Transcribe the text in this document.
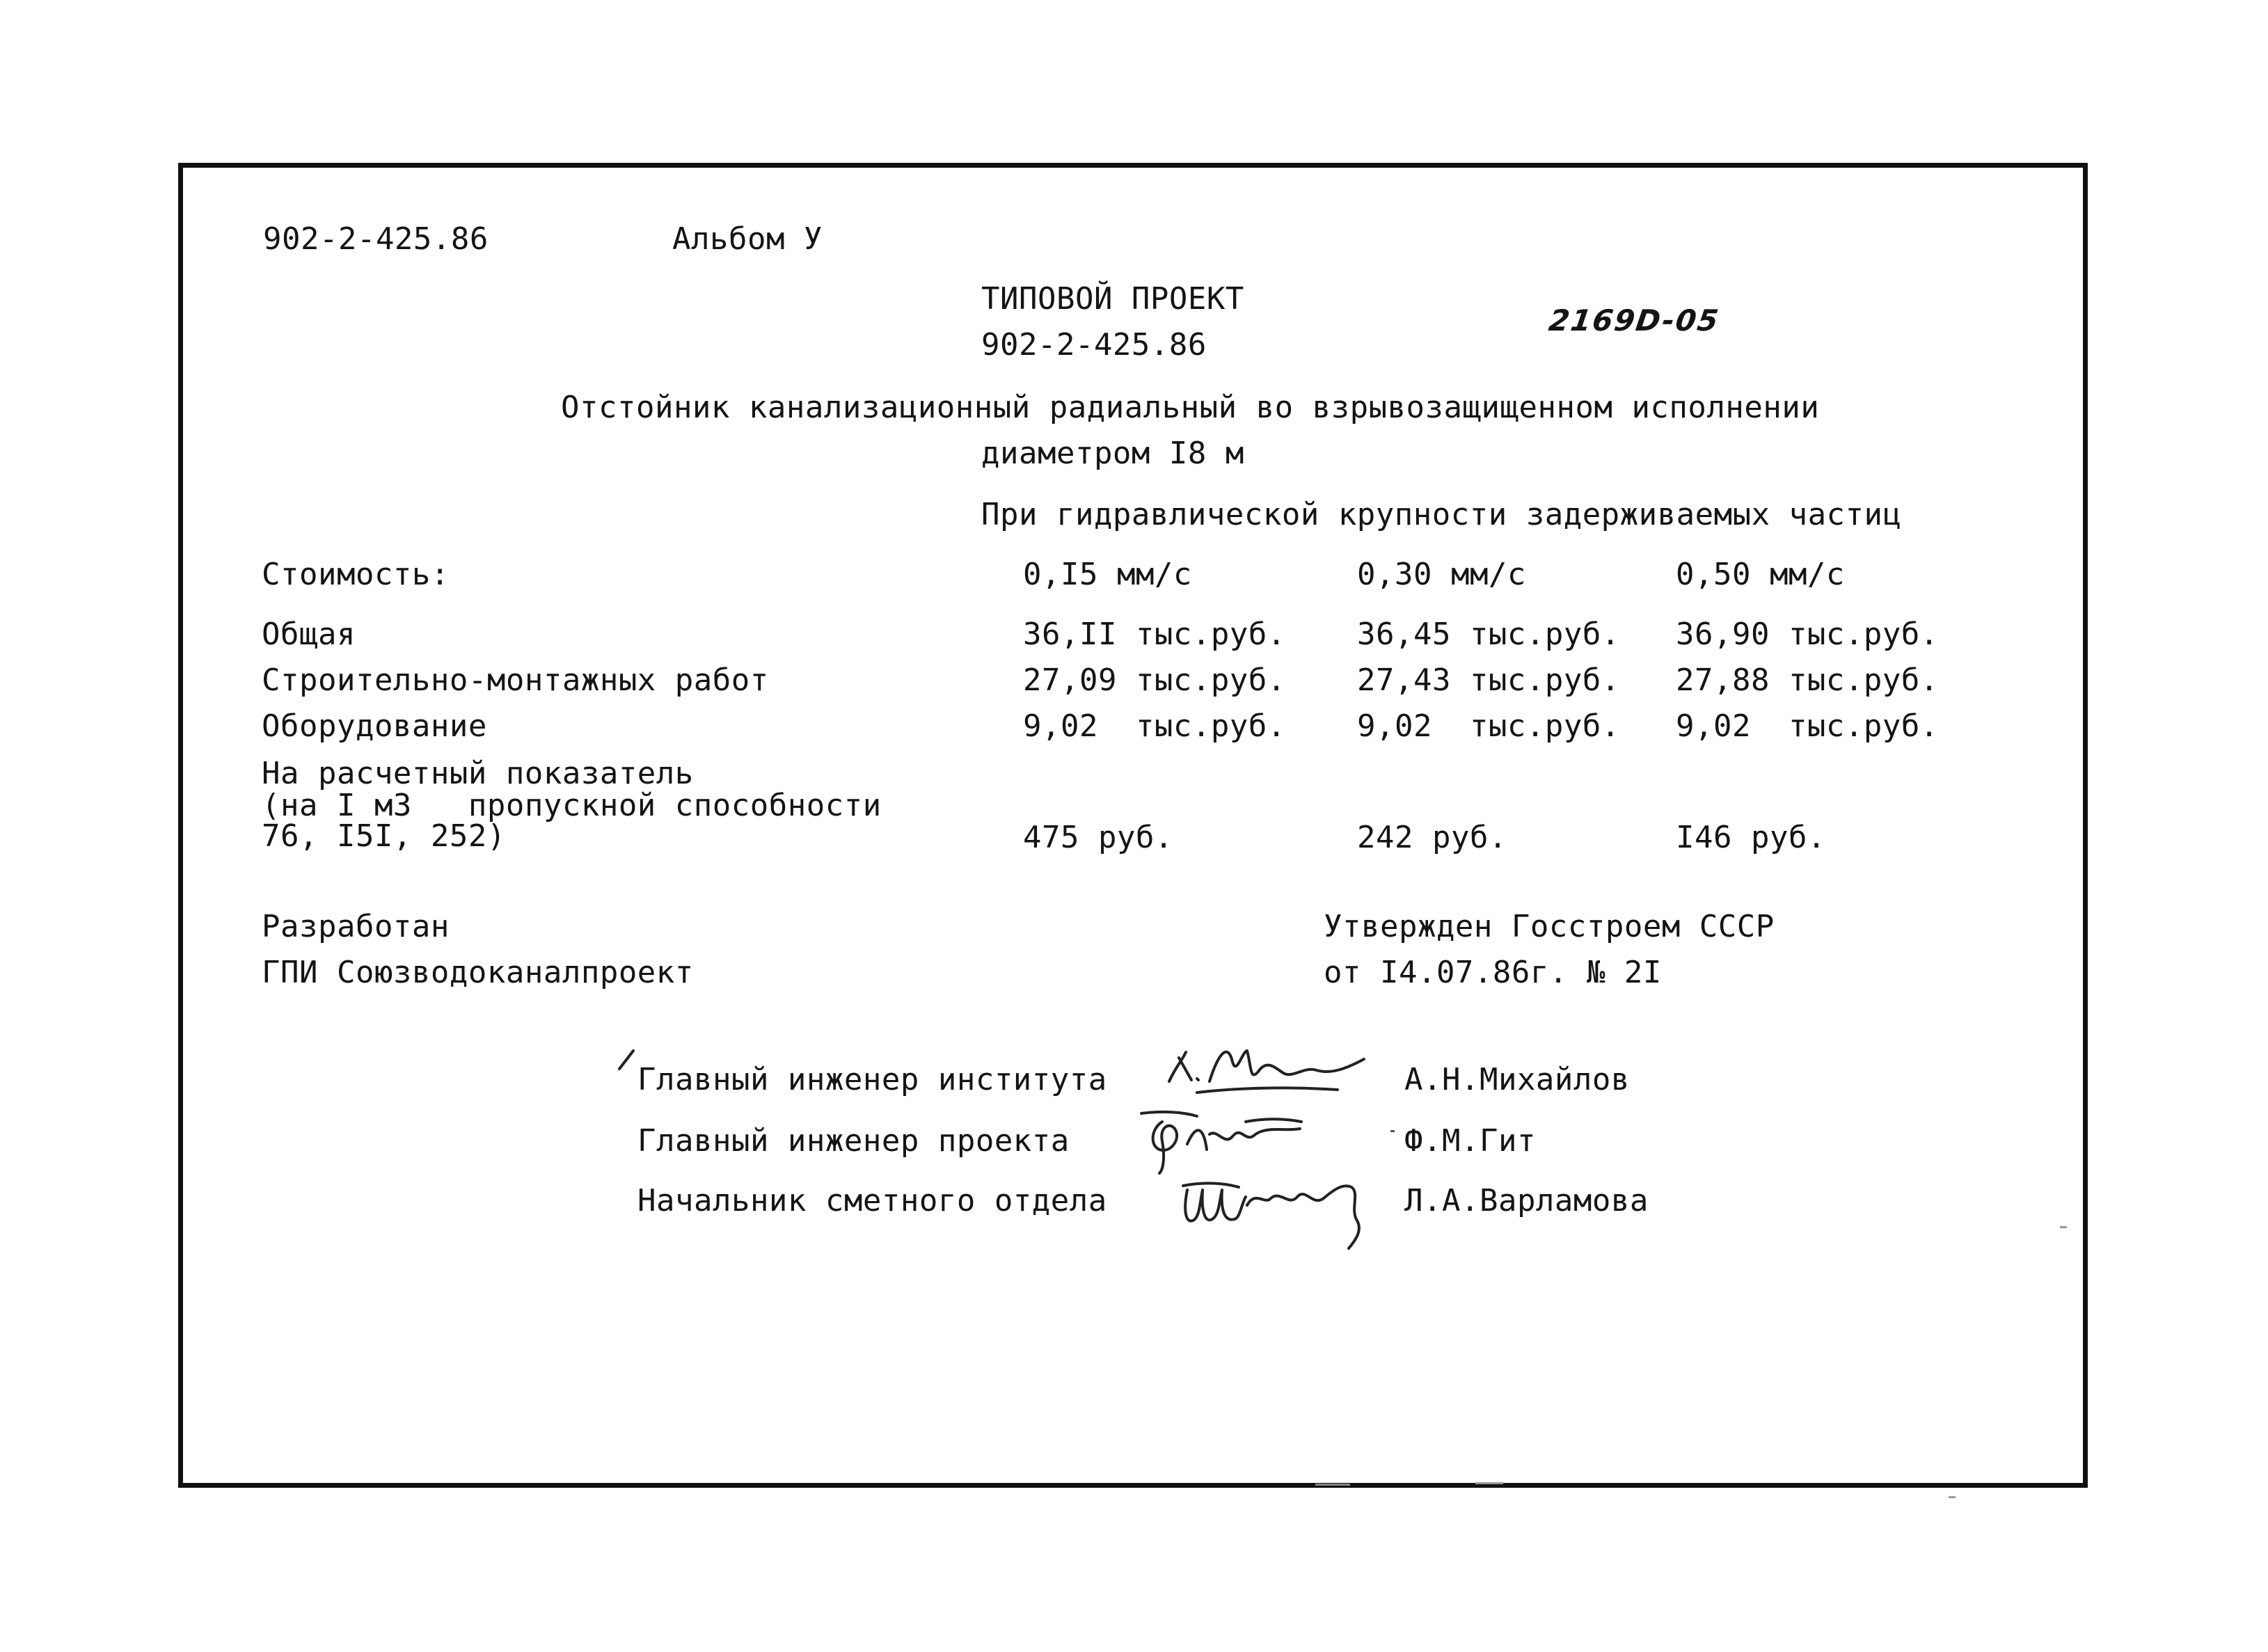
902-2-425.86	Альбом У
ТИПОВОЙ ПРОЕКТ
902-2-425.86
2169D-05
Отстойник канализационный радиальный во взрывозащищенном исполнении
диаметром I8 м
При гидравлической крупности задерживаемых частиц
Стоимость:	0,I5 мм/с	0,30 мм/с	0,50 мм/с
Общая	36,II тыс.руб. 36,45 тыс.руб. 36,90 тыс.руб.
Строительно-монтажных работ	27,09 тыс.руб. 27,43 тыс.руб. 27,88 тыс.руб.
Оборудование	9,02  тыс.руб. 9,02  тыс.руб. 9,02  тыс.руб.
На расчетный показатель
(на I м3   пропускной способности
76, I5I, 252)	475 руб.	242 руб.	I46 руб.
Разработан
ГПИ Союзводоканалпроект
Утвержден Госстроем СССР
от I4.07.86г. № 2I
Главный инженер института	А.Н.Михайлов
Главный инженер проекта	Ф.М.Гит
Начальник сметного отдела	Л.А.Варламова
